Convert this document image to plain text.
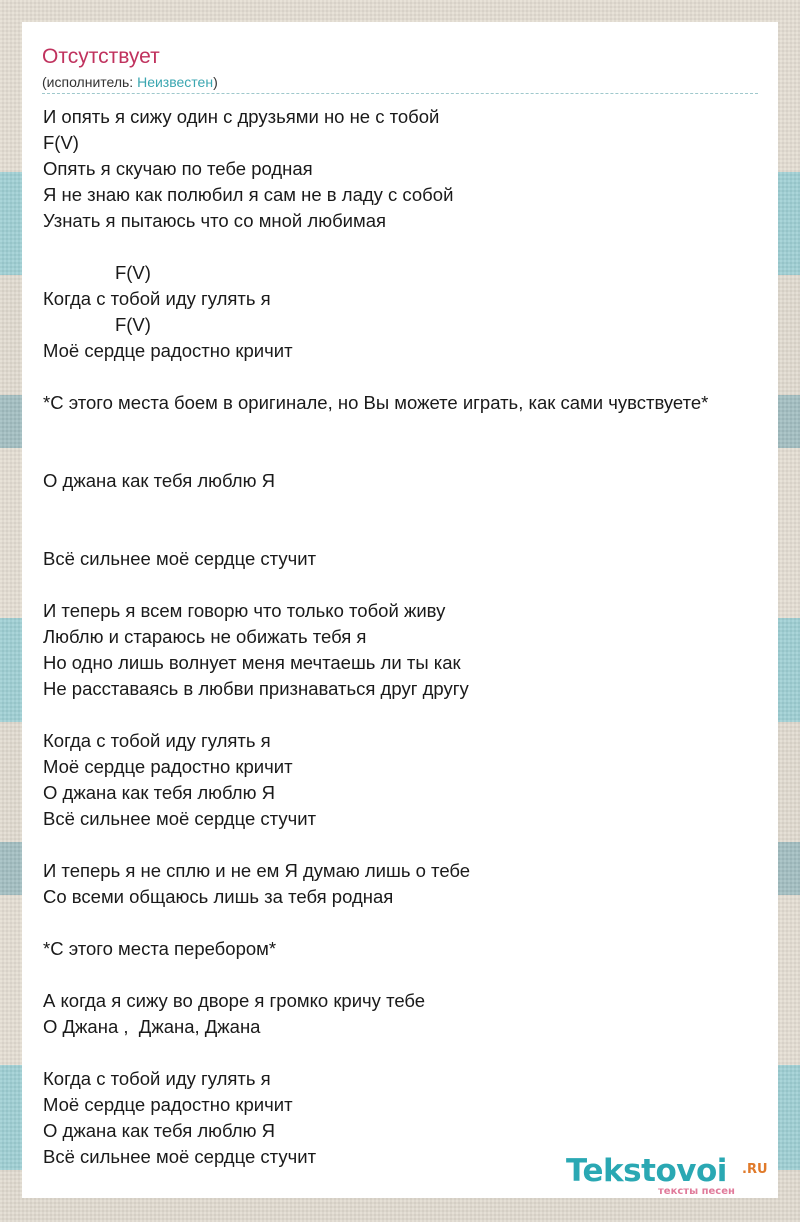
Отсутствует
(исполнитель: Неизвестен)
И опять я сижу один с друзьями но не с тобой
F(V)
Опять я скучаю по тебе родная
Я не знаю как полюбил я сам не в ладу с собой
Узнать я пытаюсь что со мной любимая

F(V)
Когда с тобой иду гулять я
F(V)
Моё сердце радостно кричит

*С этого места боем в оригинале, но Вы можете играть, как сами чувствуете*

О джана как тебя люблю Я

Всё сильнее моё сердце стучит

И теперь я всем говорю что только тобой живу
Люблю и стараюсь не обижать тебя я
Но одно лишь волнует меня мечтаешь ли ты как
Не расставаясь в любви признаваться друг другу

Когда с тобой иду гулять я
Моё сердце радостно кричит
О джана как тебя люблю Я
Всё сильнее моё сердце стучит

И теперь я не сплю и не ем Я думаю лишь о тебе
Со всеми общаюсь лишь за тебя родная

*С этого места перебором*

А когда я сижу во дворе я громко кричу тебе
О Джана ,  Джана, Джана

Когда с тобой иду гулять я
Моё сердце радостно кричит
О джана как тебя люблю Я
Всё сильнее моё сердце стучит	Tekstovoi .RU
тексты песен
